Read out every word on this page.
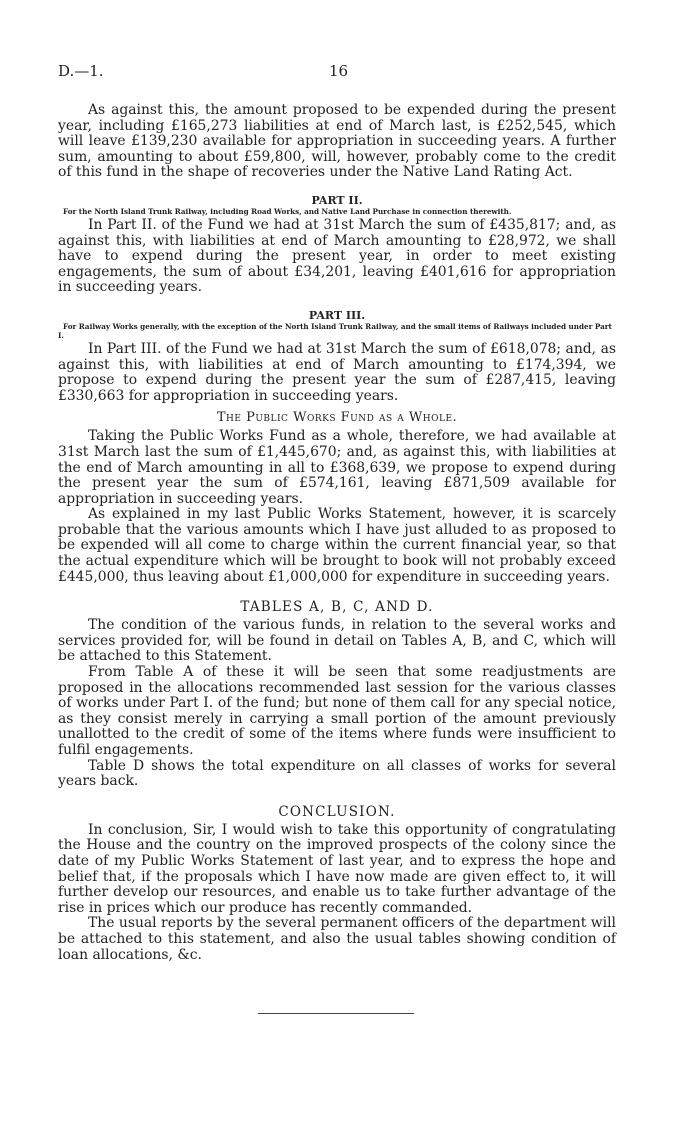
D.—1.	16

As against this, the amount proposed to be expended during the present year, including £165,273 liabilities at end of March last, is £252,545, which will leave £139,230 available for appropriation in succeeding years. A further sum, amounting to about £59,800, will, however, probably come to the credit of this fund in the shape of recoveries under the Native Land Rating Act.

PART II.

For the North Island Trunk Railway, including Road Works, and Native Land Purchase in connection therewith.

In Part II. of the Fund we had at 31st March the sum of £435,817; and, as against this, with liabilities at end of March amounting to £28,972, we shall have to expend during the present year, in order to meet existing engagements, the sum of about £34,201, leaving £401,616 for appropriation in succeeding years.

PART III.

For Railway Works generally, with the exception of the North Island Trunk Railway, and the small items of Railways included under Part I.

In Part III. of the Fund we had at 31st March the sum of £618,078; and, as against this, with liabilities at end of March amounting to £174,394, we propose to expend during the present year the sum of £287,415, leaving £330,663 for appropriation in succeeding years.

The Public Works Fund as a Whole.

Taking the Public Works Fund as a whole, therefore, we had available at 31st March last the sum of £1,445,670; and, as against this, with liabilities at the end of March amounting in all to £368,639, we propose to expend during the present year the sum of £574,161, leaving £871,509 available for appropriation in succeeding years.

As explained in my last Public Works Statement, however, it is scarcely probable that the various amounts which I have just alluded to as proposed to be expended will all come to charge within the current financial year, so that the actual expenditure which will be brought to book will not probably exceed £445,000, thus leaving about £1,000,000 for expenditure in succeeding years.

TABLES A, B, C, AND D.

The condition of the various funds, in relation to the several works and services provided for, will be found in detail on Tables A, B, and C, which will be attached to this Statement.

From Table A of these it will be seen that some readjustments are proposed in the allocations recommended last session for the various classes of works under Part I. of the fund; but none of them call for any special notice, as they consist merely in carrying a small portion of the amount previously unallotted to the credit of some of the items where funds were insufficient to fulfil engagements.

Table D shows the total expenditure on all classes of works for several years back.

CONCLUSION.

In conclusion, Sir, I would wish to take this opportunity of congratulating the House and the country on the improved prospects of the colony since the date of my Public Works Statement of last year, and to express the hope and belief that, if the proposals which I have now made are given effect to, it will further develop our resources, and enable us to take further advantage of the rise in prices which our produce has recently commanded.

The usual reports by the several permanent officers of the department will be attached to this statement, and also the usual tables showing condition of loan allocations, &c.
